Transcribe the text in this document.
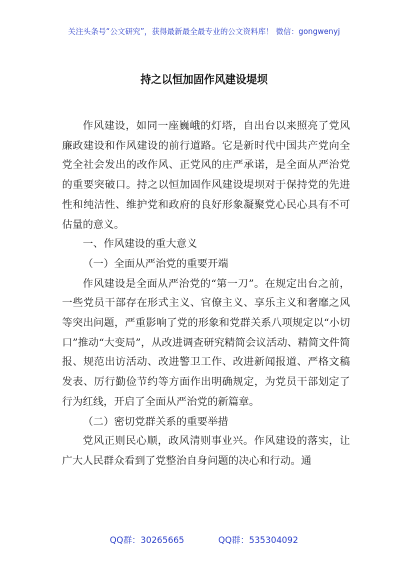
关注头条号“公文研究”，获得最新最全最专业的公文资料库！ 微信：gongwenyj
持之以恒加固作风建设堤坝

作风建设，如同一座巍峨的灯塔，自出台以来照亮了党风廉政建设和作风建设的前行道路。它是新时代中国共产党向全党全社会发出的改作风、正党风的庄严承诺，是全面从严治党的重要突破口。持之以恒加固作风建设堤坝对于保持党的先进性和纯洁性、维护党和政府的良好形象凝聚党心民心具有不可估量的意义。

一、作风建设的重大意义

（一）全面从严治党的重要开端

作风建设是全面从严治党的“第一刀”。在规定出台之前，一些党员干部存在形式主义、官僚主义、享乐主义和奢靡之风等突出问题，严重影响了党的形象和党群关系八项规定以“小切口”推动“大变局”，从改进调查研究精简会议活动、精简文件简报、规范出访活动、改进警卫工作、改进新闻报道、严格文稿发表、厉行勤俭节约等方面作出明确规定，为党员干部划定了行为红线，开启了全面从严治党的新篇章。

（二）密切党群关系的重要举措

党风正则民心顺，政风清则事业兴。作风建设的落实，让广大人民群众看到了党整治自身问题的决心和行动。通

QQ群：30265665	QQ群：535304092
